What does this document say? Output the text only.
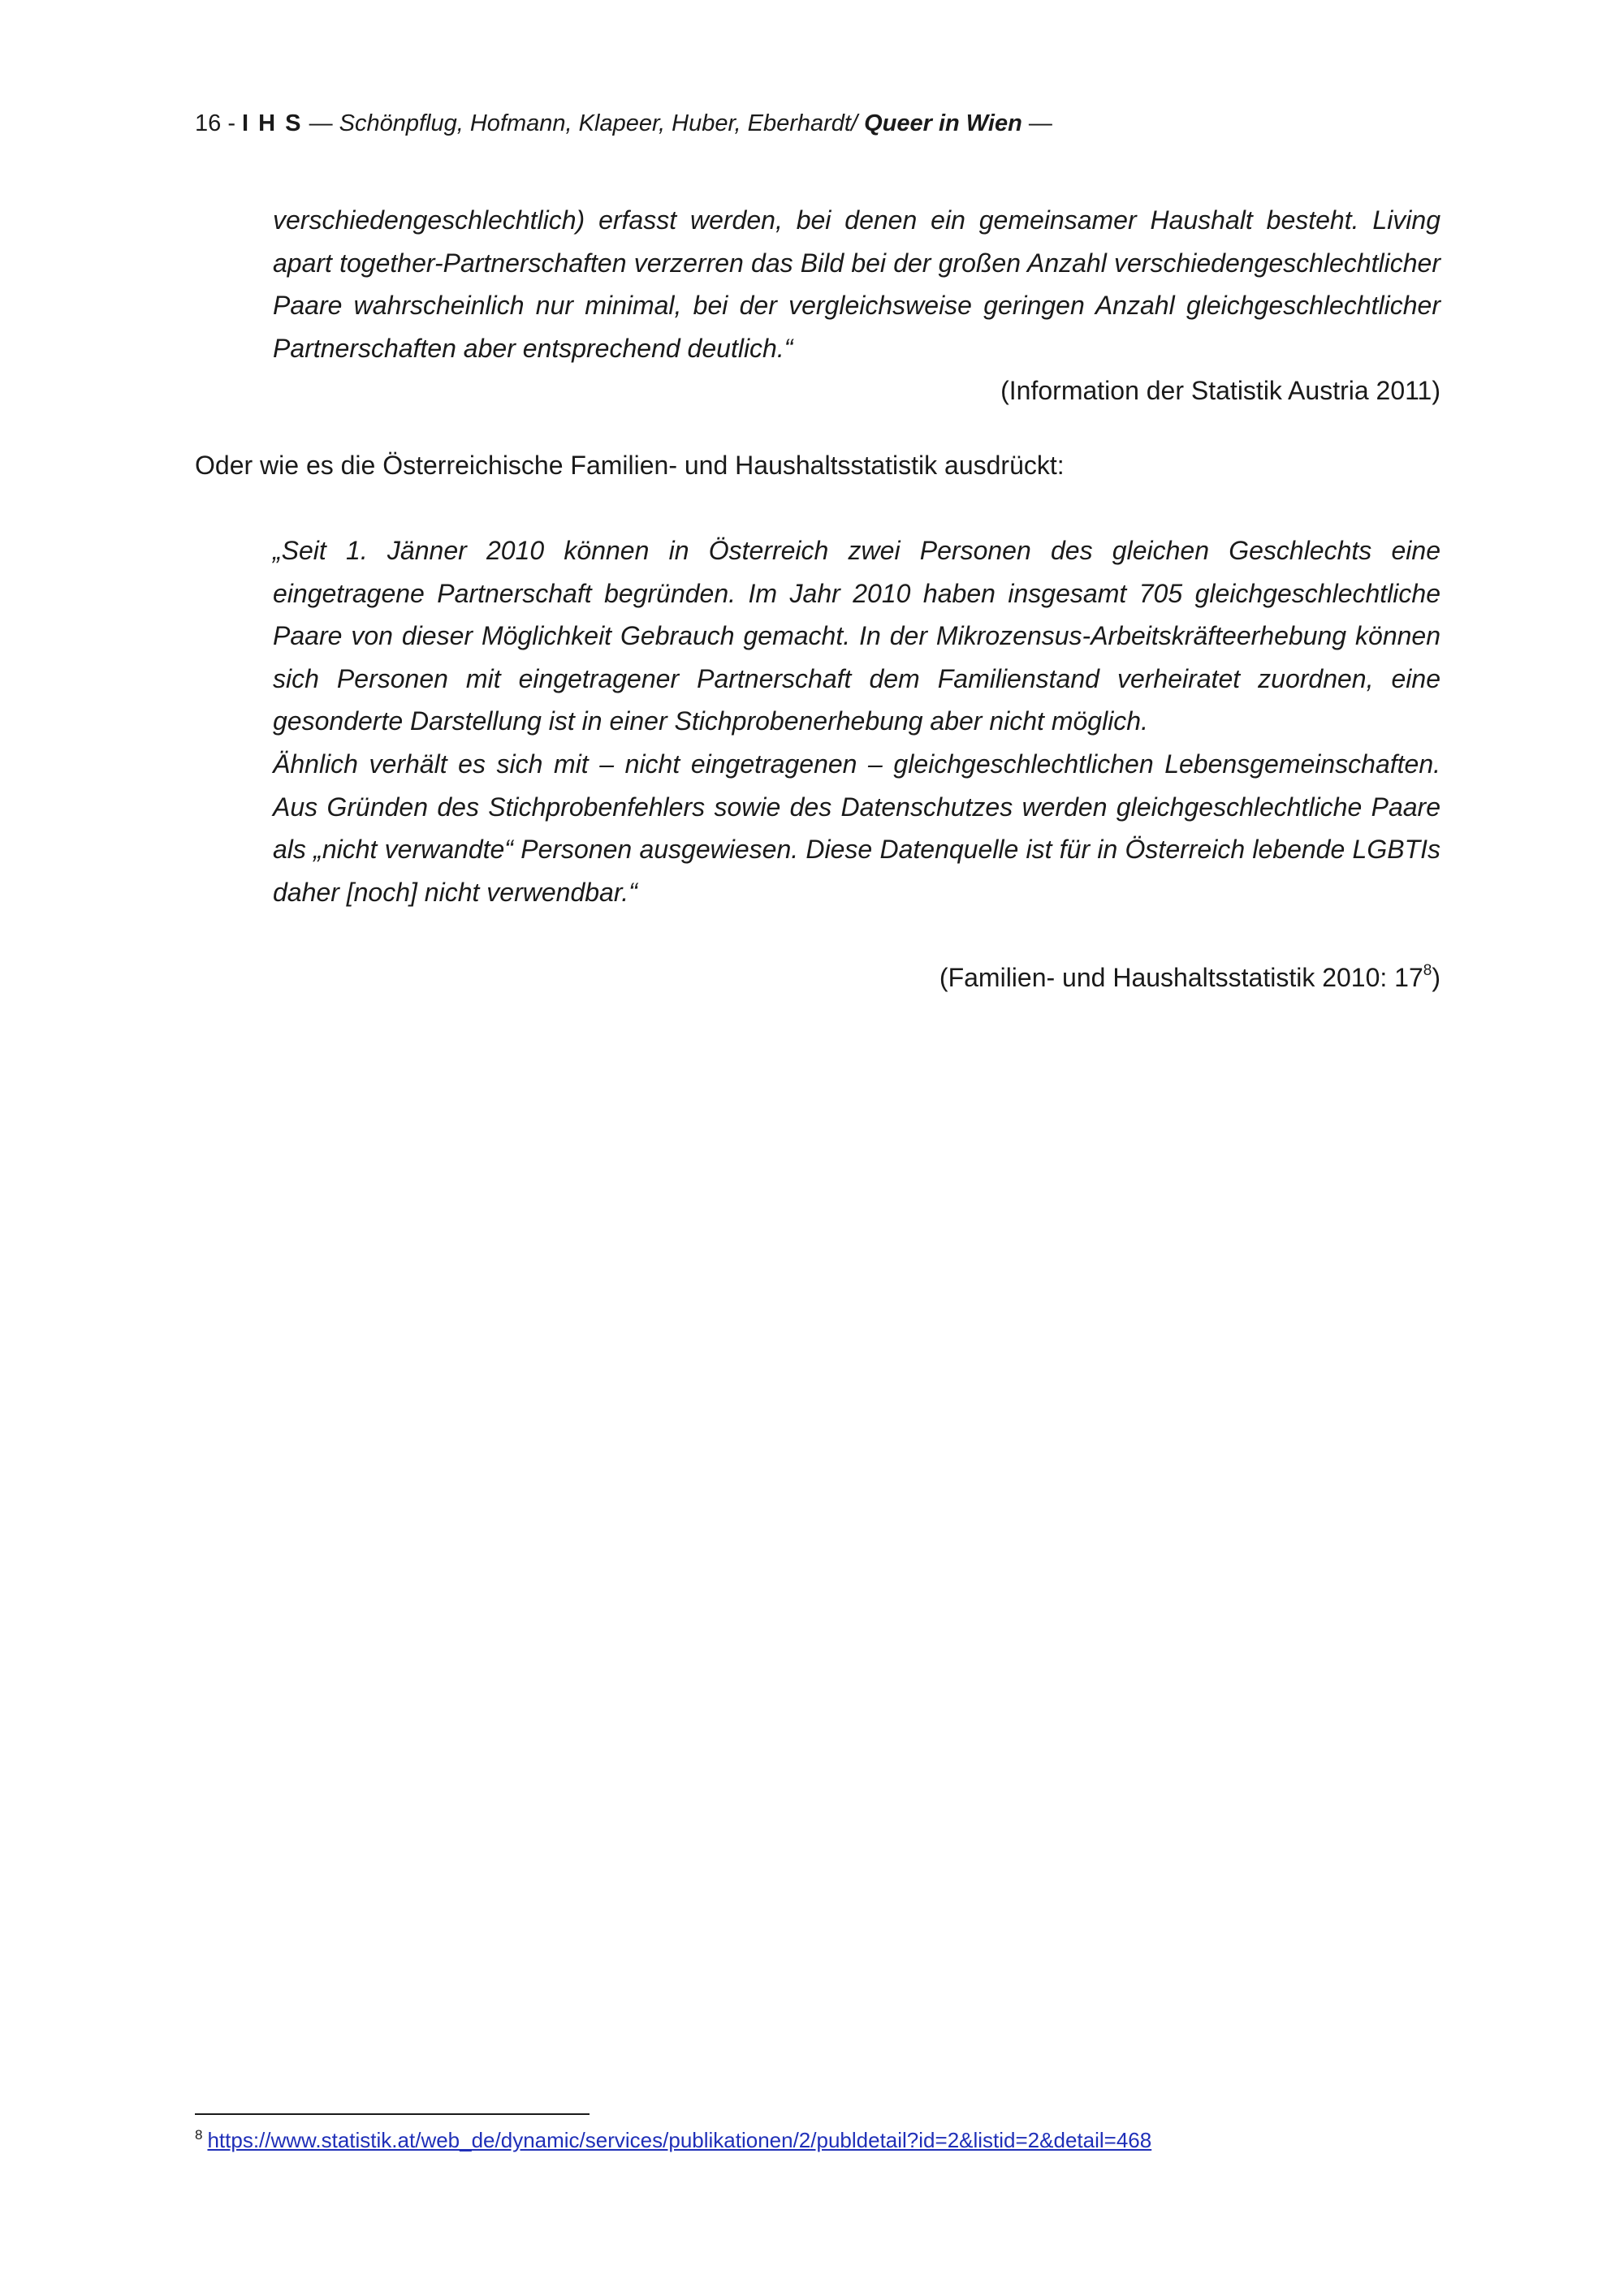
16 - I H S — Schönpflug, Hofmann, Klapeer, Huber, Eberhardt/ Queer in Wien —

verschiedengeschlechtlich) erfasst werden, bei denen ein gemeinsamer Haushalt besteht. Living apart together-Partnerschaften verzerren das Bild bei der großen Anzahl verschiedengeschlechtlicher Paare wahrscheinlich nur minimal, bei der vergleichsweise geringen Anzahl gleichgeschlechtlicher Partnerschaften aber entsprechend deutlich.“

(Information der Statistik Austria 2011)
Oder wie es die Österreichische Familien- und Haushaltsstatistik ausdrückt:

„Seit 1. Jänner 2010 können in Österreich zwei Personen des gleichen Geschlechts eine eingetragene Partnerschaft begründen. Im Jahr 2010 haben insgesamt 705 gleichgeschlechtliche Paare von dieser Möglichkeit Gebrauch gemacht. In der Mikrozensus-Arbeitskräfteerhebung können sich Personen mit eingetragener Partnerschaft dem Familienstand verheiratet zuordnen, eine gesonderte Darstellung ist in einer Stichprobenerhebung aber nicht möglich.

Ähnlich verhält es sich mit – nicht eingetragenen – gleichgeschlechtlichen Lebensgemeinschaften. Aus Gründen des Stichprobenfehlers sowie des Datenschutzes werden gleichgeschlechtliche Paare als „nicht verwandte“ Personen ausgewiesen. Diese Datenquelle ist für in Österreich lebende LGBTIs daher [noch] nicht verwendbar.“

(Familien- und Haushaltsstatistik 2010: $17^8$)
$^8$ https://www.statistik.at/web_de/dynamic/services/publikationen/2/publdetail?id=2&listid=2&detail=468
